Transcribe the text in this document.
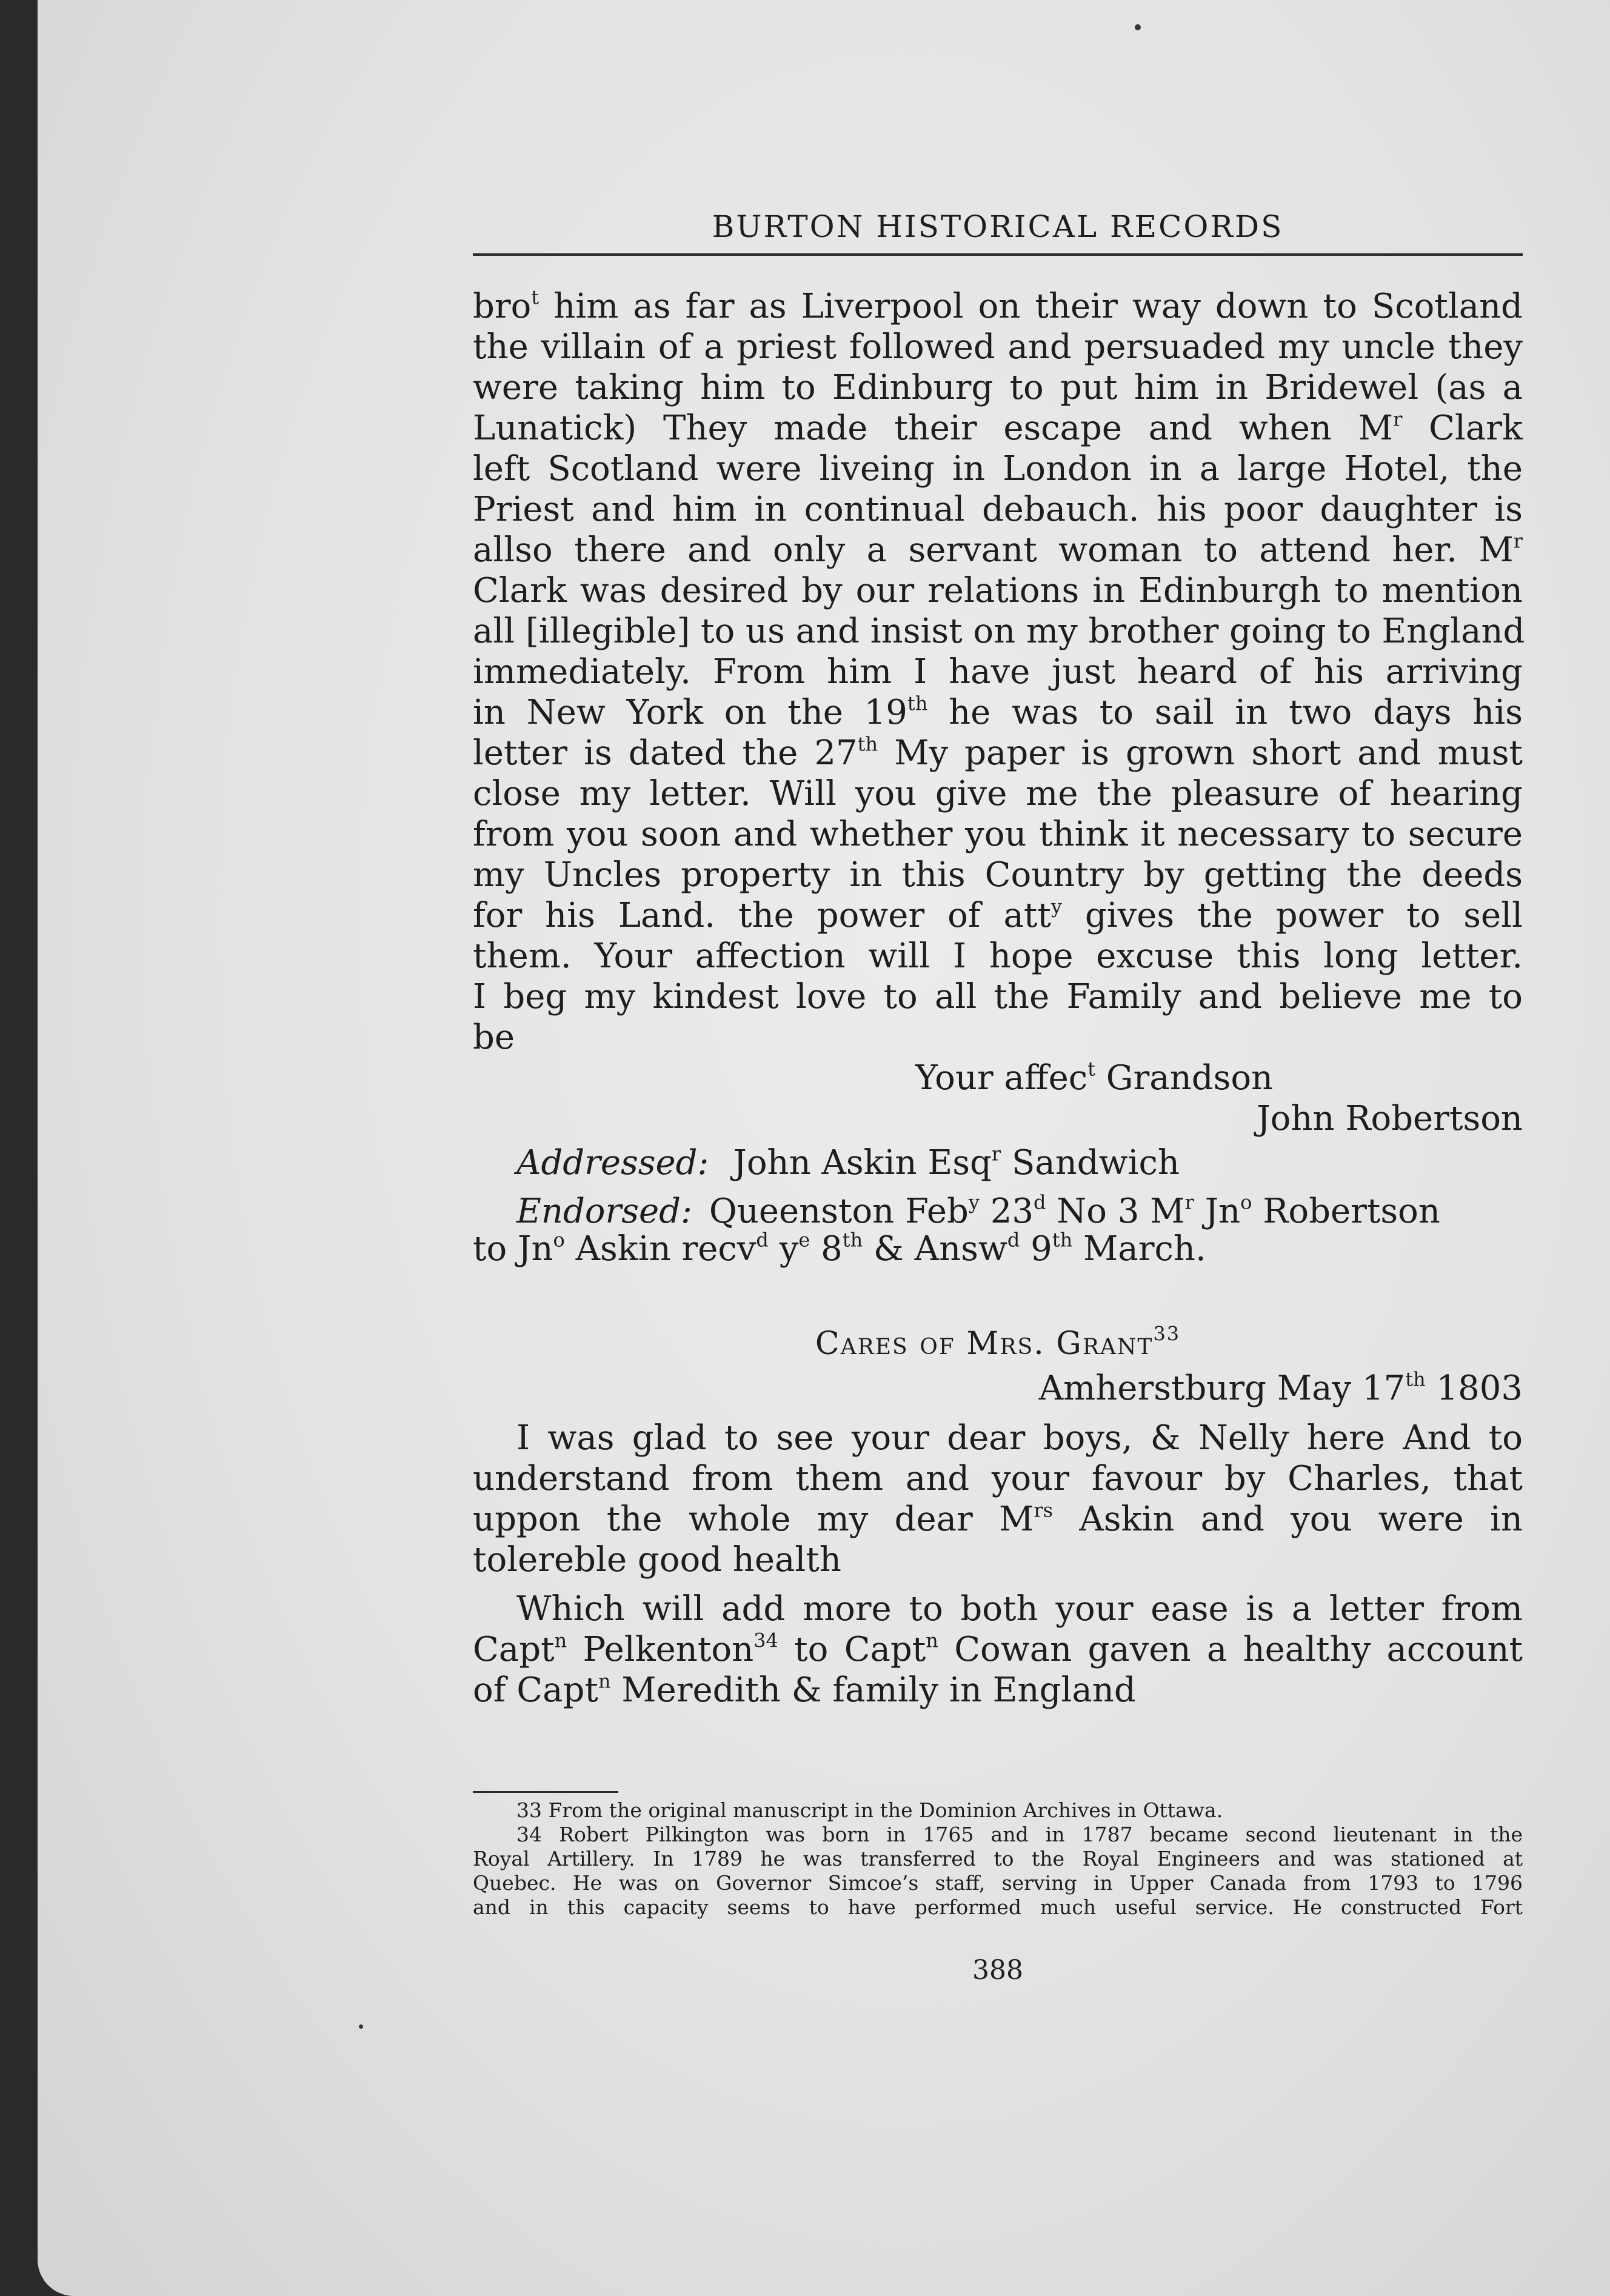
BURTON HISTORICAL RECORDS
bro$^t$ him as far as Liverpool on their way down to Scotland
the villain of a priest followed and persuaded my uncle they
were taking him to Edinburg to put him in Bridewel (as a
Lunatick) They made their escape and when $M^r$ Clark
left Scotland were liveing in London in a large Hotel, the
Priest and him in continual debauch. his poor daughter is
allso there and only a servant woman to attend her. $M^r$
Clark was desired by our relations in Edinburgh to mention
all [illegible] to us and insist on my brother going to England
immediately. From him I have just heard of his arriving
in New York on the 19th he was to sail in two days his
letter is dated the 27th My paper is grown short and must
close my letter. Will you give me the pleasure of hearing
from you soon and whether you think it necessary to secure
my Uncles property in this Country by getting the deeds
for his Land. the power of att$^y$ gives the power to sell
them. Your affection will I hope excuse this long letter.
I beg my kindest love to all the Family and believe me to
be
Your affec$^t$ Grandson
John Robertson
Addressed: John Askin Esq$^r$ Sandwich
Endorsed: Queenston Feb$^y$ 23$^d$ No 3 $M^r$ Jn$^o$ Robertson
to Jn$^o$ Askin recv$^d$ $y^e$ 8th & Answ$^d$ 9th March.
Cares of Mrs. Grant$^{33}$
Amherstburg May 17th 1803
I was glad to see your dear boys, & Nelly here And to
understand from them and your favour by Charles, that
uppon the whole my dear $M^{rs}$ Askin and you were in
tolereble good health
Which will add more to both your ease is a letter from
Capt$^n$ Pelkenton$^{34}$ to Capt$^n$ Cowan gaven a healthy account
of Capt$^n$ Meredith & family in England
33 From the original manuscript in the Dominion Archives in Ottawa.
34 Robert Pilkington was born in 1765 and in 1787 became second lieutenant in the
Royal Artillery. In 1789 he was transferred to the Royal Engineers and was stationed at
Quebec. He was on Governor Simcoe’s staff, serving in Upper Canada from 1793 to 1796
and in this capacity seems to have performed much useful service. He constructed Fort
388
